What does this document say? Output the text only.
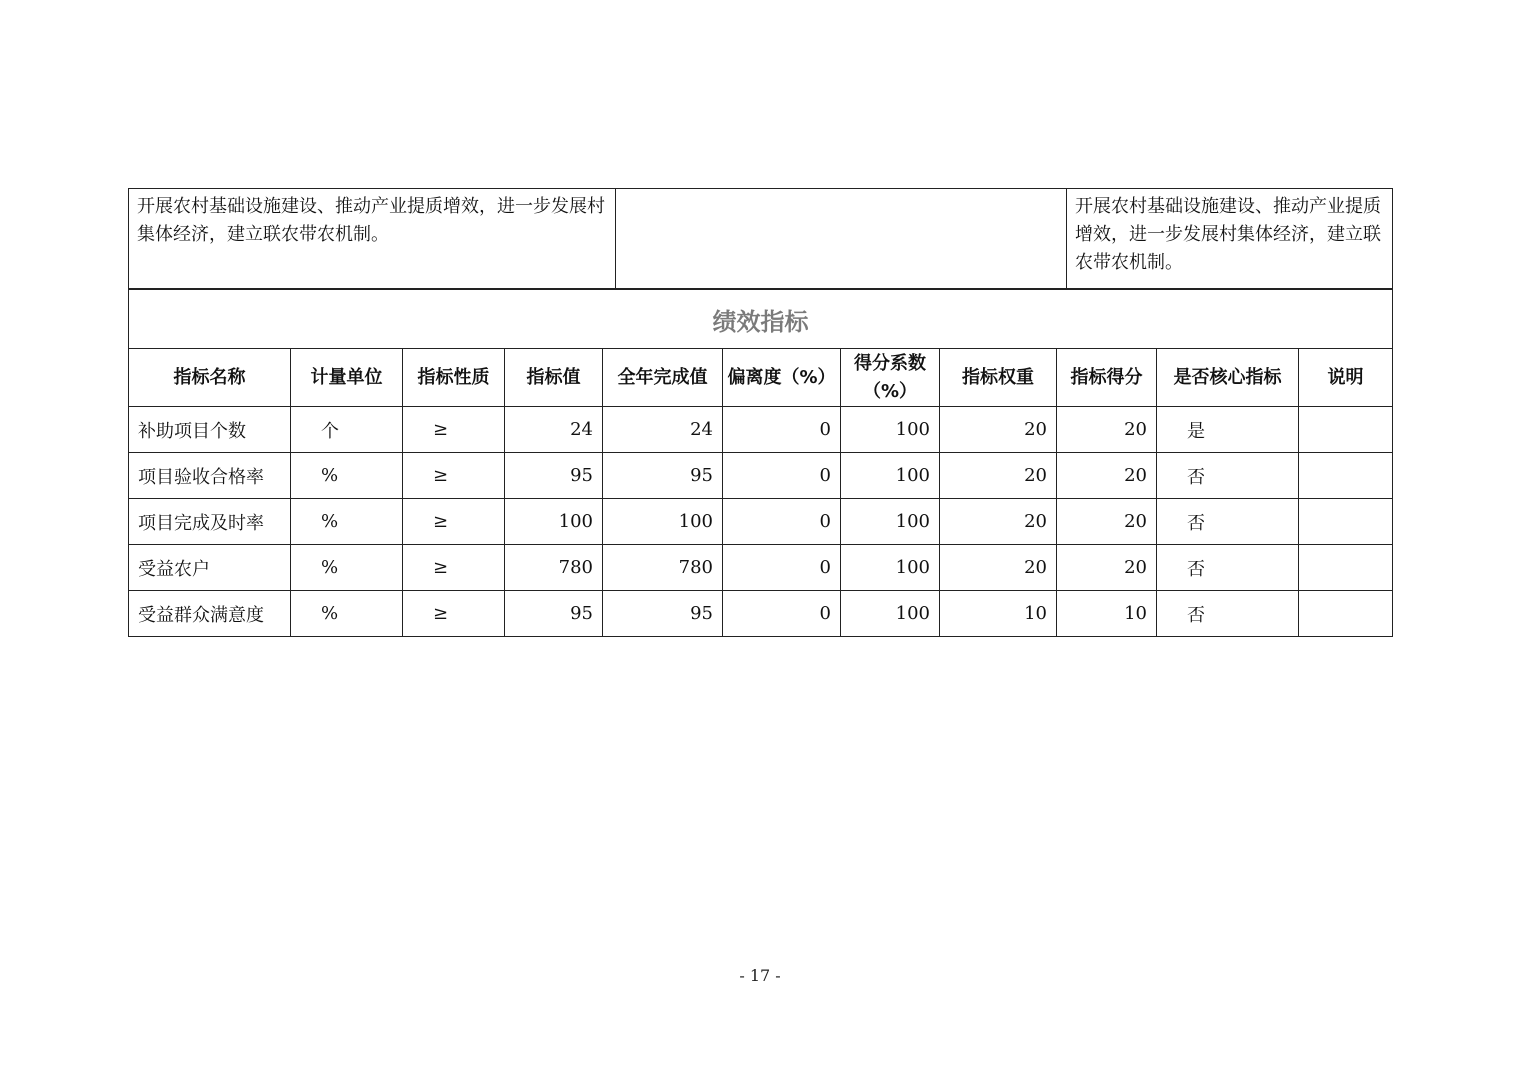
开展农村基础设施建设、推动产业提质增效，进一步发展村集体经济，建立联农带农机制。		开展农村基础设施建设、推动产业提质增效，进一步发展村集体经济，建立联农带农机制。
绩效指标										
指标名称	计量单位	指标性质	指标值	全年完成值	偏离度（%）	得分系数（%）	指标权重	指标得分	是否核心指标	说明
补助项目个数	个	≥	24	24	0	100	20	20	是	
项目验收合格率	%	≥	95	95	0	100	20	20	否	
项目完成及时率	%	≥	100	100	0	100	20	20	否	
受益农户	%	≥	780	780	0	100	20	20	否	
受益群众满意度	%	≥	95	95	0	100	10	10	否	
- 17 -
